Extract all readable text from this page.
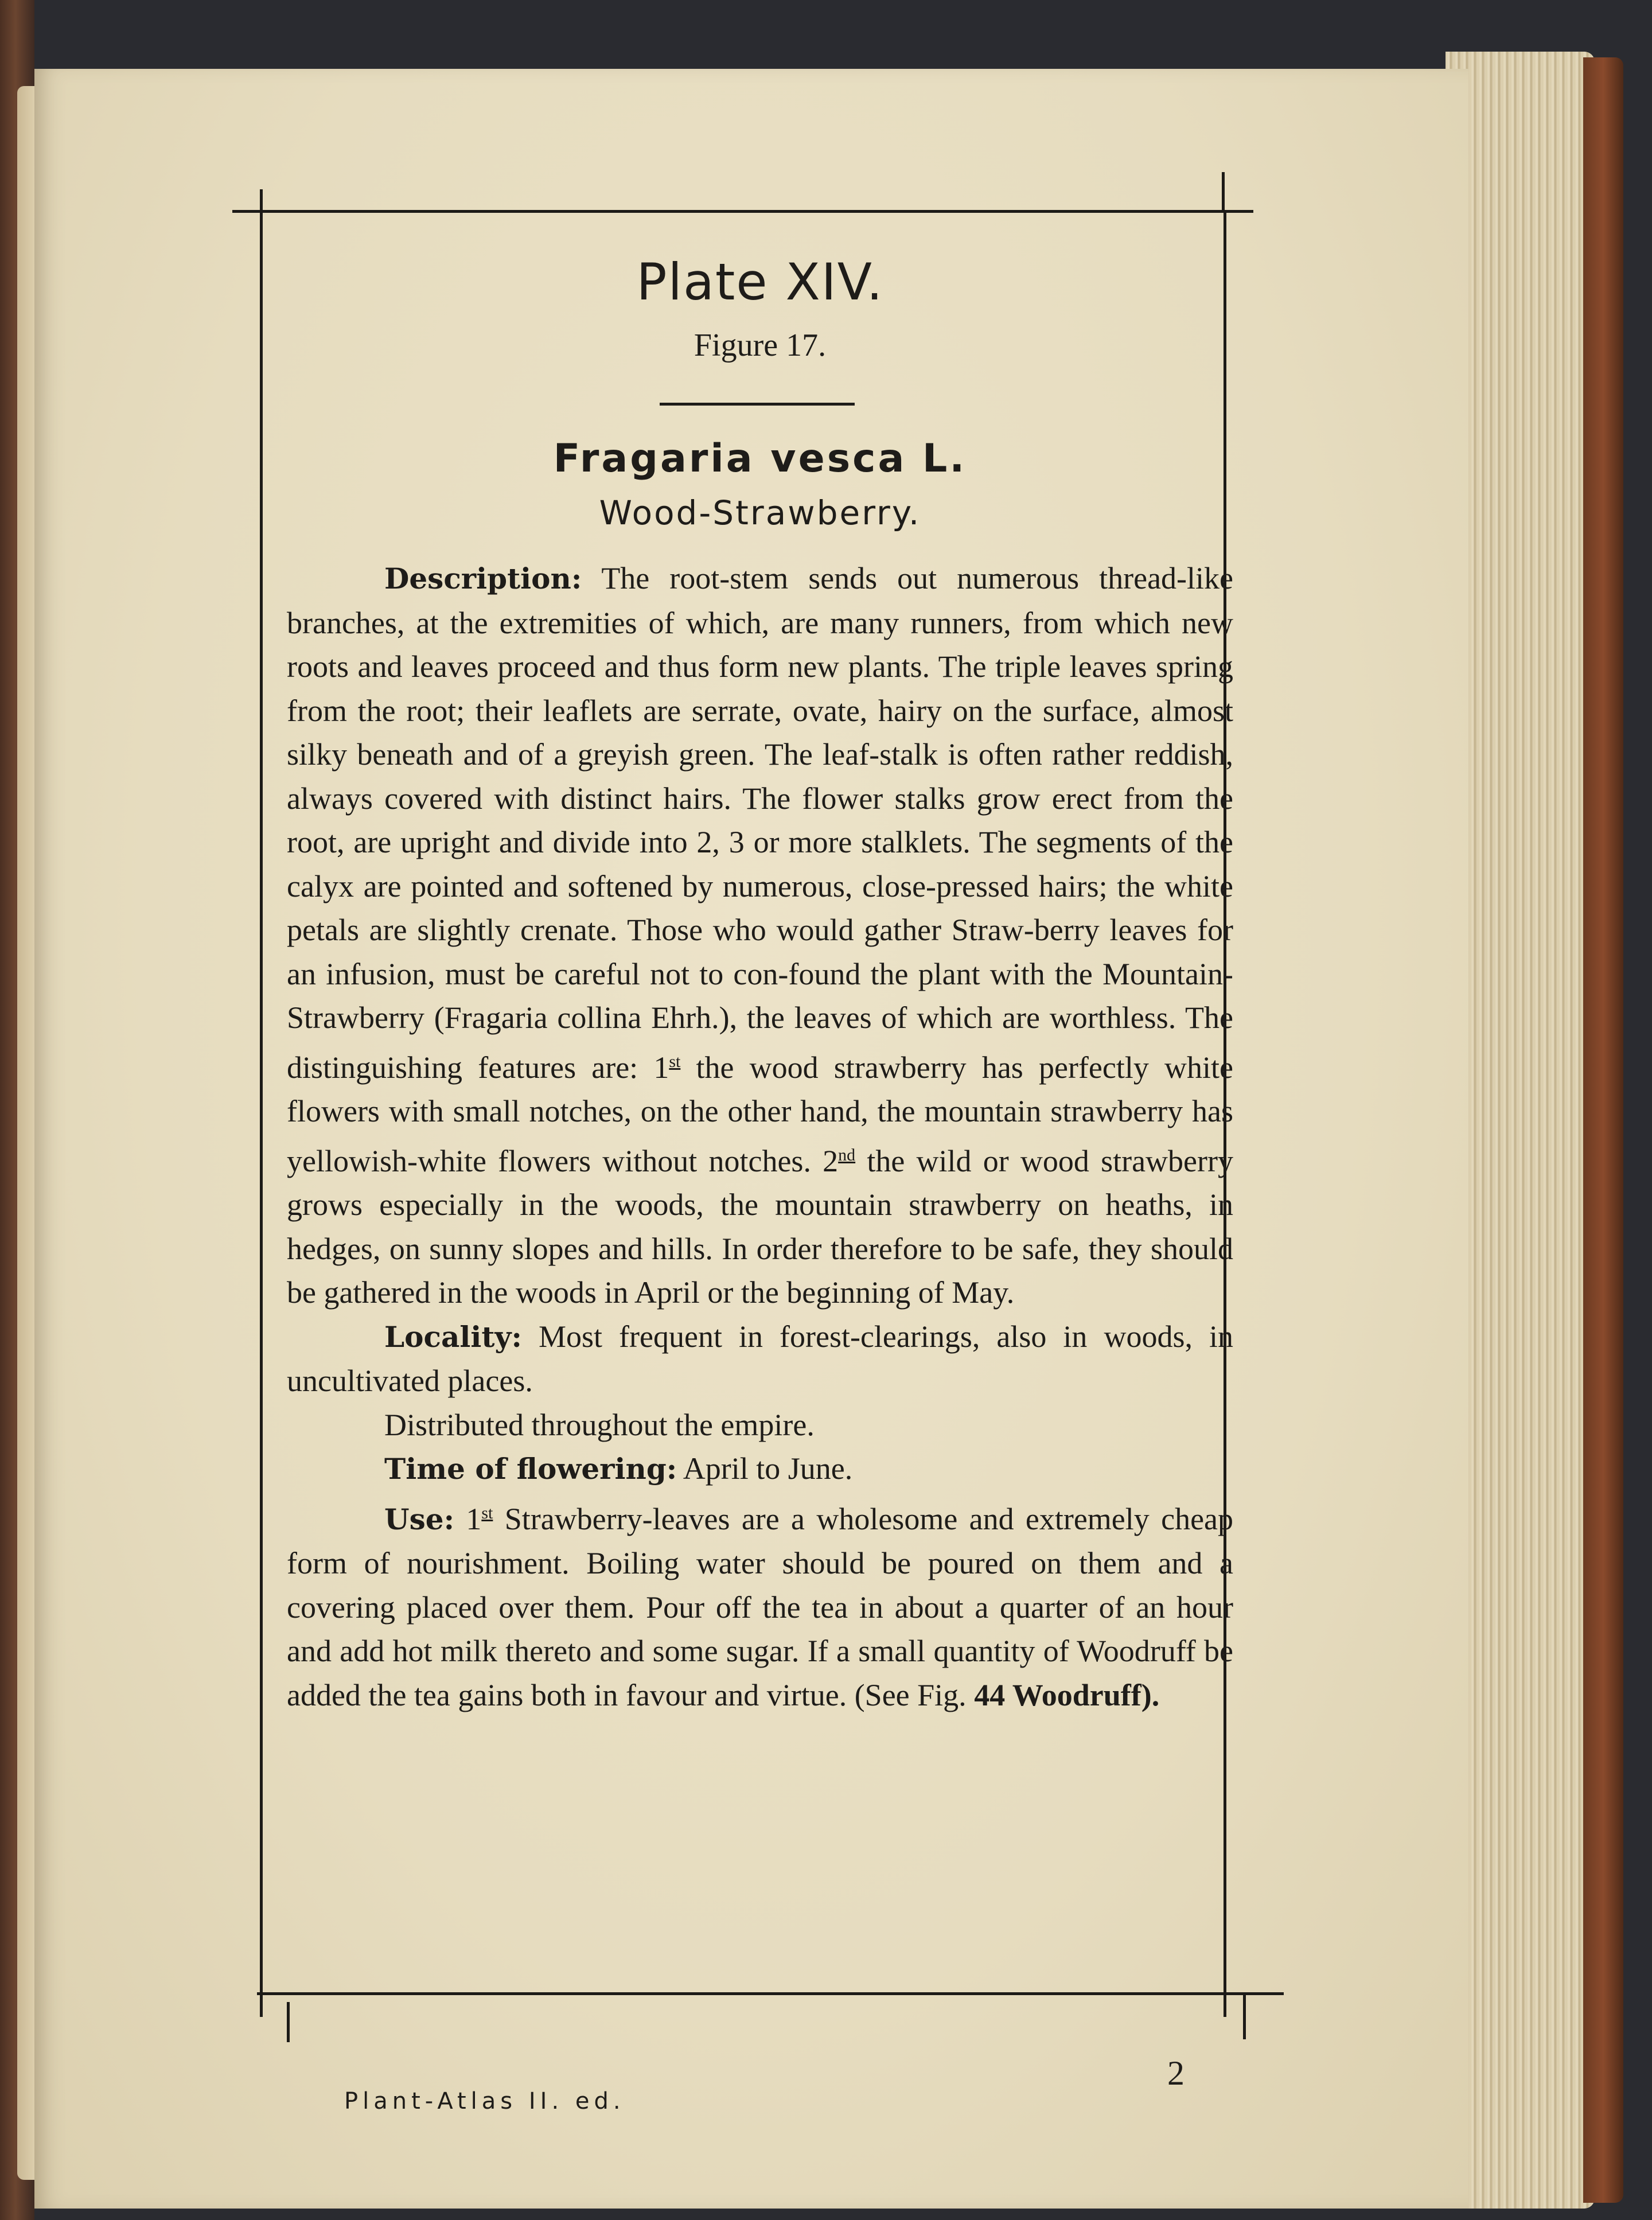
Plate XIV.
Figure 17.
Fragaria vesca L.
Wood-Strawberry.

Description: The root-stem sends out numerous thread-like branches, at the extremities of which, are many runners, from which new roots and leaves proceed and thus form new plants. The triple leaves spring from the root; their leaflets are serrate, ovate, hairy on the surface, almost silky beneath and of a greyish green. The leaf-stalk is often rather reddish, always covered with distinct hairs. The flower stalks grow erect from the root, are upright and divide into 2, 3 or more stalklets. The segments of the calyx are pointed and softened by numerous, close-pressed hairs; the white petals are slightly crenate. Those who would gather Straw-berry leaves for an infusion, must be careful not to con-found the plant with the Mountain-Strawberry (Fragaria collina Ehrh.), the leaves of which are worthless. The distinguishing features are: 1st the wood strawberry has perfectly white flowers with small notches, on the other hand, the mountain strawberry has yellowish-white flowers without notches. 2nd the wild or wood strawberry grows especially in the woods, the mountain strawberry on heaths, in hedges, on sunny slopes and hills. In order therefore to be safe, they should be gathered in the woods in April or the beginning of May.

Locality: Most frequent in forest-clearings, also in woods, in uncultivated places.

Distributed throughout the empire.

Time of flowering: April to June.

Use: 1st Strawberry-leaves are a wholesome and extremely cheap form of nourishment. Boiling water should be poured on them and a covering placed over them. Pour off the tea in about a quarter of an hour and add hot milk thereto and some sugar. If a small quantity of Woodruff be added the tea gains both in favour and virtue. (See Fig. 44 Woodruff).

Plant-Atlas II. ed.
2
